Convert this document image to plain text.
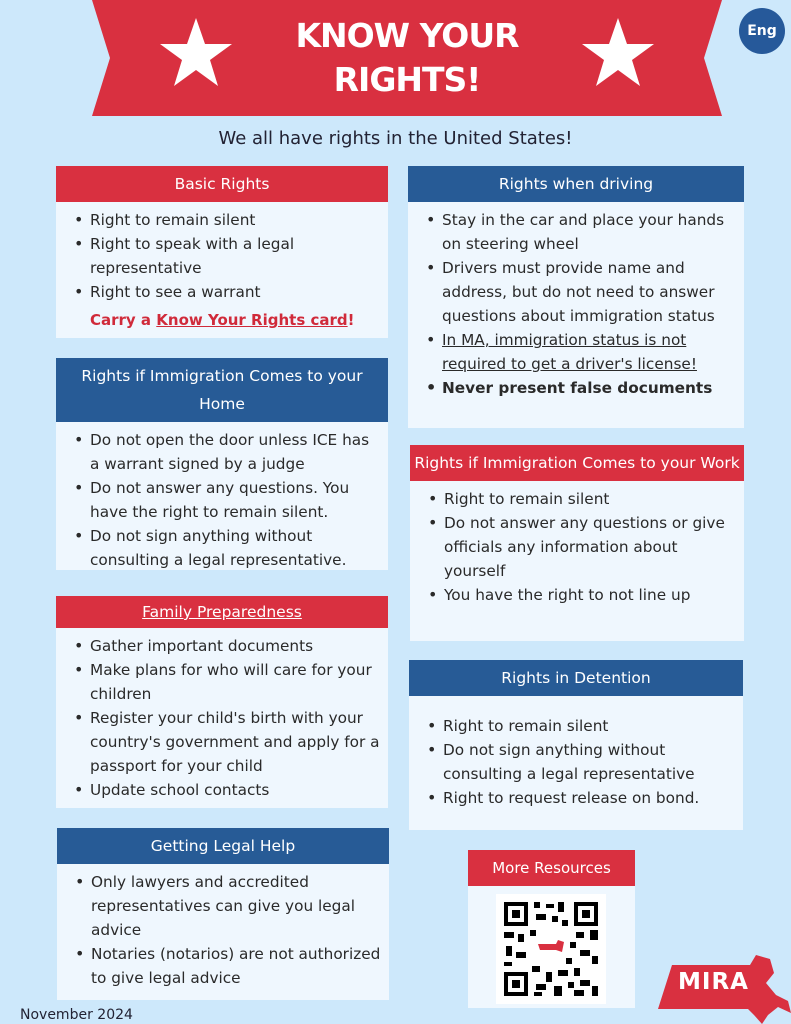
KNOW YOUR
RIGHTS!
Eng
We all have rights in the United States!
Basic Rights
• Right to remain silent
• Right to speak with a legal representative
• Right to see a warrant
Carry a Know Your Rights card!
Rights when driving
• Stay in the car and place your hands on steering wheel
• Drivers must provide name and address, but do not need to answer questions about immigration status
• In MA, immigration status is not required to get a driver's license!
• Never present false documents
Rights if Immigration Comes to your Home
• Do not open the door unless ICE has a warrant signed by a judge
• Do not answer any questions. You have the right to remain silent.
• Do not sign anything without consulting a legal representative.
Rights if Immigration Comes to your Work
• Right to remain silent
• Do not answer any questions or give officials any information about yourself
• You have the right to not line up
Family Preparedness
• Gather important documents
• Make plans for who will care for your children
• Register your child's birth with your country's government and apply for a passport for your child
• Update school contacts
Rights in Detention
• Right to remain silent
• Do not sign anything without consulting a legal representative
• Right to request release on bond.
Getting Legal Help
• Only lawyers and accredited representatives can give you legal advice
• Notaries (notarios) are not authorized to give legal advice
More Resources
MIRA
November 2024
